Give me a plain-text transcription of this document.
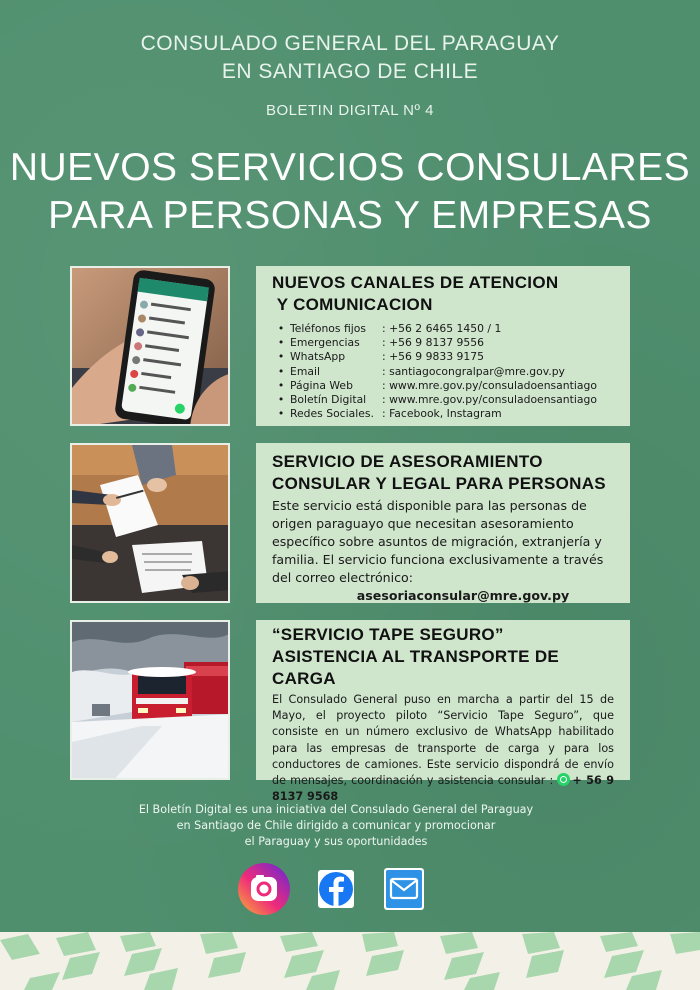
CONSULADO GENERAL DEL PARAGUAY
EN SANTIAGO DE CHILE
BOLETIN DIGITAL Nº 4
NUEVOS SERVICIOS CONSULARES
PARA PERSONAS Y EMPRESAS
NUEVOS CANALES DE ATENCION
Y COMUNICACION
• Teléfonos fijos	: +56 2 6465 1450 / 1
• Emergencias	: +56 9 8137 9556
• WhatsApp	: +56 9 9833 9175
• Email	: santiagocongralpar@mre.gov.py
• Página Web	: www.mre.gov.py/consuladoensantiago
• Boletín Digital	: www.mre.gov.py/consuladoensantiago
• Redes Sociales. : Facebook, Instagram
SERVICIO DE ASESORAMIENTO
CONSULAR Y LEGAL PARA PERSONAS

Este servicio está disponible para las personas de origen paraguayo que necesitan asesoramiento específico sobre asuntos de migración, extranjería y familia. El servicio funciona exclusivamente a través del correo electrónico:

asesoriaconsular@mre.gov.py

“SERVICIO TAPE SEGURO”
ASISTENCIA AL TRANSPORTE DE CARGA

El Consulado General puso en marcha a partir del 15 de Mayo, el proyecto piloto “Servicio Tape Seguro”, que consiste en un número exclusivo de WhatsApp habilitado para las empresas de transporte de carga y para los conductores de camiones. Este servicio dispondrá de envío de mensajes, coordinación y asistencia consular : + 56 9 8137 9568

El Boletín Digital es una iniciativa del Consulado General del Paraguay
en Santiago de Chile dirigido a comunicar y promocionar
el Paraguay y sus oportunidades
